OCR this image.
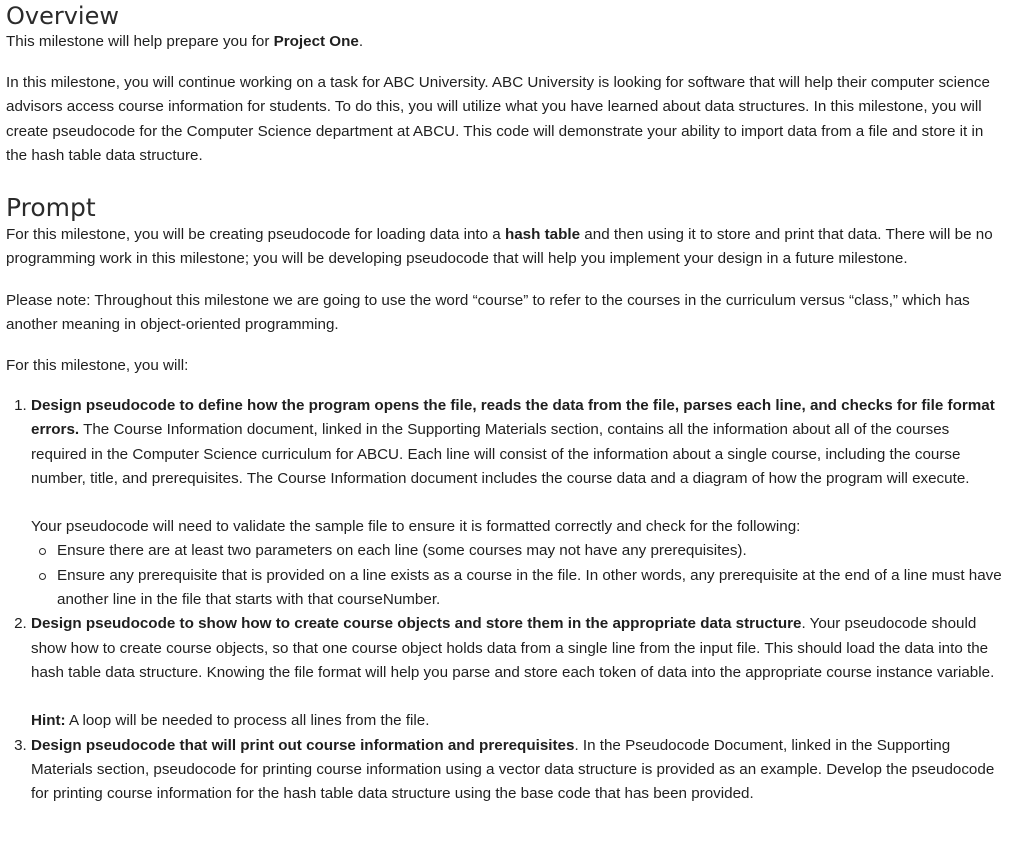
Overview

This milestone will help prepare you for Project One.

In this milestone, you will continue working on a task for ABC University. ABC University is looking for software that will help their computer science advisors access course information for students. To do this, you will utilize what you have learned about data structures. In this milestone, you will create pseudocode for the Computer Science department at ABCU. This code will demonstrate your ability to import data from a file and store it in the hash table data structure.

Prompt

For this milestone, you will be creating pseudocode for loading data into a hash table and then using it to store and print that data. There will be no programming work in this milestone; you will be developing pseudocode that will help you implement your design in a future milestone.

Please note: Throughout this milestone we are going to use the word “course” to refer to the courses in the curriculum versus “class,” which has another meaning in object-oriented programming.

For this milestone, you will:

1. Design pseudocode to define how the program opens the file, reads the data from the file, parses each line, and checks for file format errors. The Course Information document, linked in the Supporting Materials section, contains all the information about all of the courses required in the Computer Science curriculum for ABCU. Each line will consist of the information about a single course, including the course number, title, and prerequisites. The Course Information document includes the course data and a diagram of how the program will execute.
Your pseudocode will need to validate the sample file to ensure it is formatted correctly and check for the following:
Ensure there are at least two parameters on each line (some courses may not have any prerequisites).
Ensure any prerequisite that is provided on a line exists as a course in the file. In other words, any prerequisite at the end of a line must have another line in the file that starts with that courseNumber.
2. Design pseudocode to show how to create course objects and store them in the appropriate data structure. Your pseudocode should show how to create course objects, so that one course object holds data from a single line from the input file. This should load the data into the hash table data structure. Knowing the file format will help you parse and store each token of data into the appropriate course instance variable.
Hint: A loop will be needed to process all lines from the file.
3. Design pseudocode that will print out course information and prerequisites. In the Pseudocode Document, linked in the Supporting Materials section, pseudocode for printing course information using a vector data structure is provided as an example. Develop the pseudocode for printing course information for the hash table data structure using the base code that has been provided.
